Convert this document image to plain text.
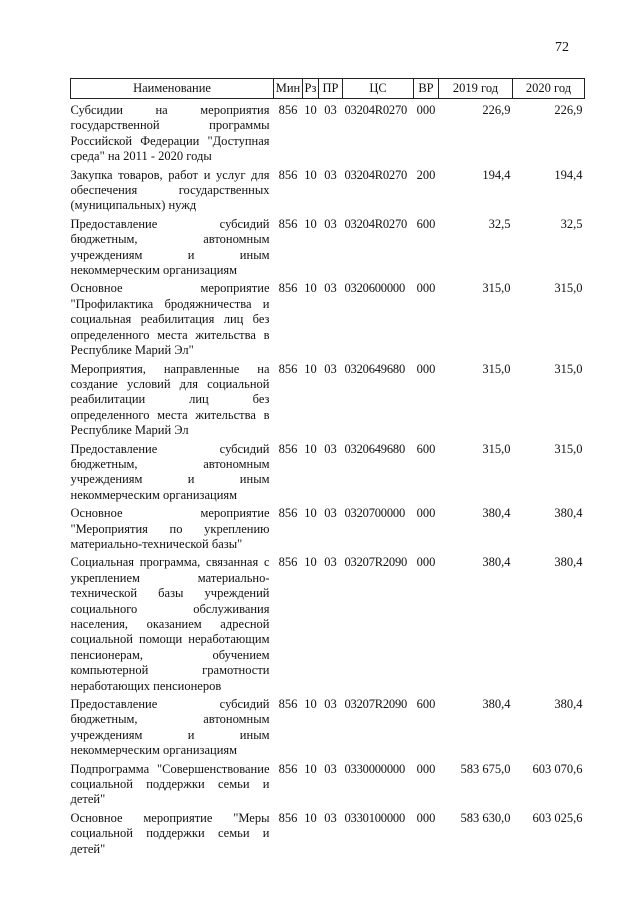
72
Наименование	Мин	Рз	ПР	ЦС	ВР	2019 год	2020 год
Субсидии на мероприятия государственной программы Российской Федерации "Доступная среда" на 2011 - 2020 годы	856	10	03	03204R0270	000	226,9	226,9
Закупка товаров, работ и услуг для обеспечения государственных (муниципальных) нужд	856	10	03	03204R0270	200	194,4	194,4
Предоставление субсидий бюджетным, автономным учреждениям и иным некоммерческим организациям	856	10	03	03204R0270	600	32,5	32,5
Основное мероприятие "Профилактика бродяжничества и социальная реабилитация лиц без определенного места жительства в Республике Марий Эл"	856	10	03	0320600000	000	315,0	315,0
Мероприятия, направленные на создание условий для социальной реабилитации лиц без определенного места жительства в Республике Марий Эл	856	10	03	0320649680	000	315,0	315,0
Предоставление субсидий бюджетным, автономным учреждениям и иным некоммерческим организациям	856	10	03	0320649680	600	315,0	315,0
Основное мероприятие "Мероприятия по укреплению материально-технической базы"	856	10	03	0320700000	000	380,4	380,4
Социальная программа, связанная с укреплением материально-технической базы учреждений социального обслуживания населения, оказанием адресной социальной помощи неработающим пенсионерам, обучением компьютерной грамотности неработающих пенсионеров	856	10	03	03207R2090	000	380,4	380,4
Предоставление субсидий бюджетным, автономным учреждениям и иным некоммерческим организациям	856	10	03	03207R2090	600	380,4	380,4
Подпрограмма "Совершенствование социальной поддержки семьи и детей"	856	10	03	0330000000	000	583 675,0	603 070,6
Основное мероприятие "Меры социальной поддержки семьи и детей"	856	10	03	0330100000	000	583 630,0	603 025,6
